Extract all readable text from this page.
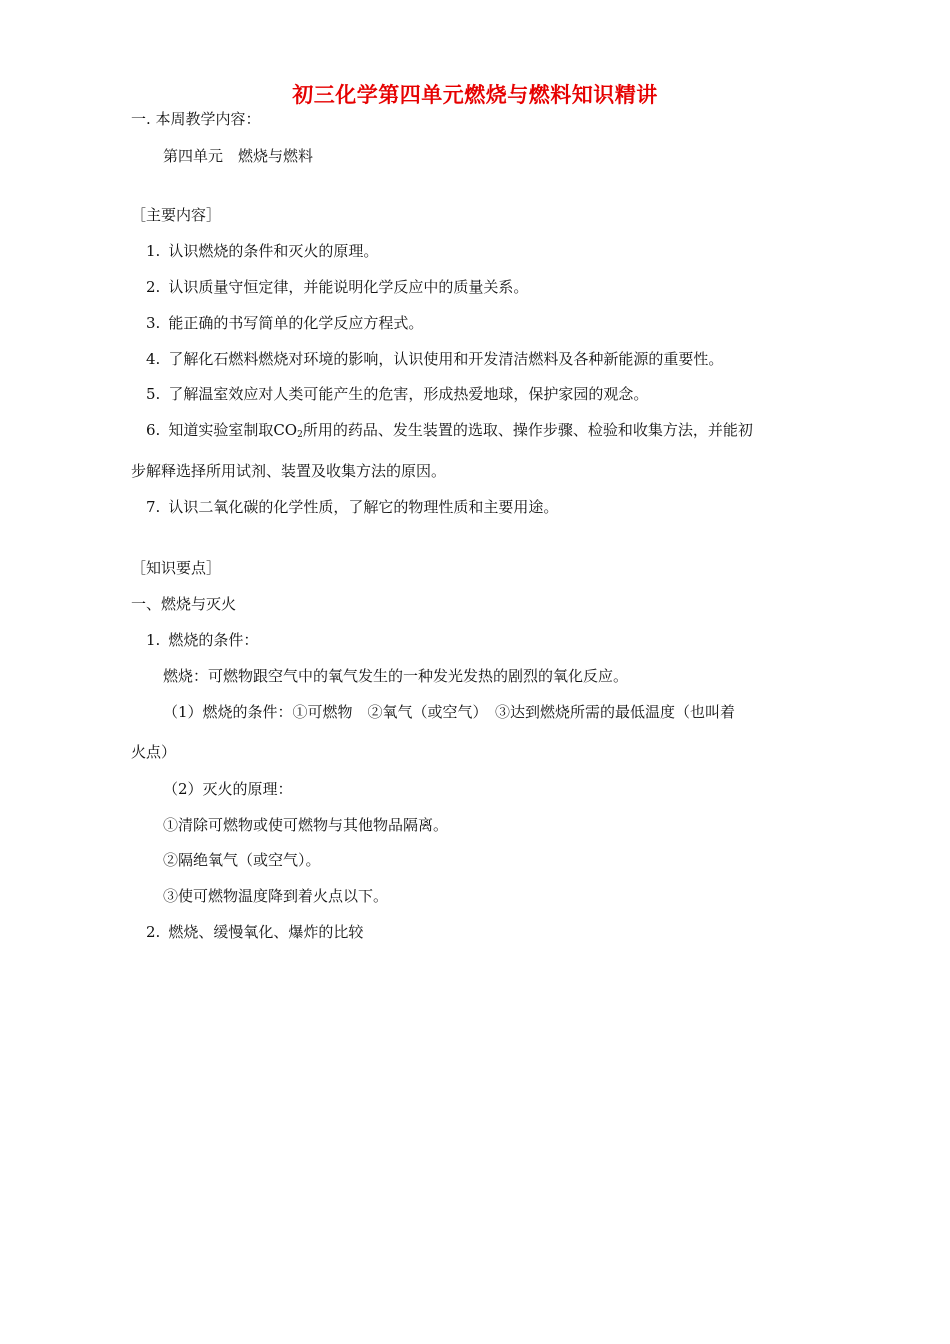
初三化学第四单元燃烧与燃料知识精讲
一. 本周教学内容：
第四单元　燃烧与燃料
［主要内容］
1. 认识燃烧的条件和灭火的原理。
2. 认识质量守恒定律，并能说明化学反应中的质量关系。
3. 能正确的书写简单的化学反应方程式。
4. 了解化石燃料燃烧对环境的影响，认识使用和开发清洁燃料及各种新能源的重要性。
5. 了解温室效应对人类可能产生的危害，形成热爱地球，保护家园的观念。
6. 知道实验室制取$CO_2$所用的药品、发生装置的选取、操作步骤、检验和收集方法，并能初
步解释选择所用试剂、装置及收集方法的原因。
7. 认识二氧化碳的化学性质，了解它的物理性质和主要用途。
［知识要点］
一、燃烧与灭火
1. 燃烧的条件：
燃烧：可燃物跟空气中的氧气发生的一种发光发热的剧烈的氧化反应。
（1）燃烧的条件：①可燃物　②氧气（或空气）　③达到燃烧所需的最低温度（也叫着
火点）
（2）灭火的原理：
①清除可燃物或使可燃物与其他物品隔离。
②隔绝氧气（或空气）。
③使可燃物温度降到着火点以下。
2. 燃烧、缓慢氧化、爆炸的比较
